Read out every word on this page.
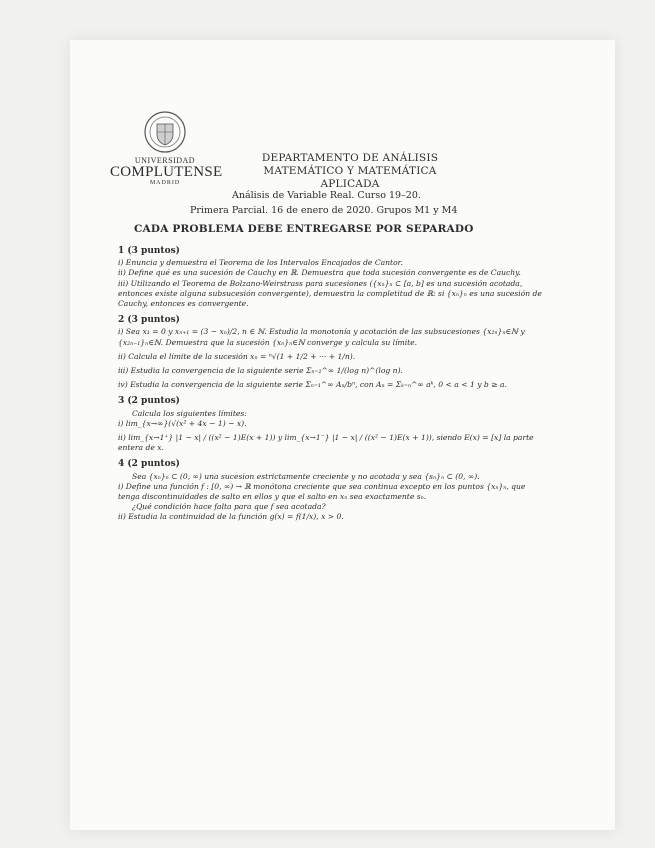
UNIVERSIDAD
COMPLUTENSE
MADRID
DEPARTAMENTO DE ANÁLISIS
MATEMÁTICO Y MATEMÁTICA
APLICADA
Análisis de Variable Real. Curso 19–20.
Primera Parcial. 16 de enero de 2020. Grupos M1 y M4
CADA PROBLEMA DEBE ENTREGARSE POR SEPARADO
1 (3 puntos)

i) Enuncia y demuestra el Teorema de los Intervalos Encajados de Cantor.

ii) Define qué es una sucesión de Cauchy en ℝ. Demuestra que toda sucesión convergente es de Cauchy.

iii) Utilizando el Teorema de Bolzano-Weirstrass para sucesiones ({xₙ}ₙ ⊂ [a, b] es una sucesión acotada, entonces existe alguna subsucesión convergente), demuestra la completitud de ℝ: si {xₙ}ₙ es una sucesión de Cauchy, entonces es convergente.

2 (3 puntos)

i) Sea x₁ = 0 y xₙ₊₁ = (3 − xₙ)/2, n ∈ ℕ. Estudia la monotonía y acotación de las subsucesiones {x₂ₙ}ₙ∈ℕ y {x₂ₙ₋₁}ₙ∈ℕ. Demuestra que la sucesión {xₙ}ₙ∈ℕ converge y calcula su límite.

ii) Calcula el límite de la sucesión xₙ = ⁿ√(1 + 1/2 + ··· + 1/n).

iii) Estudia la convergencia de la siguiente serie Σₙ₌₂^∞ 1/(log n)^(log n).

iv) Estudia la convergencia de la siguiente serie Σₙ₌₁^∞ Aₙ/bⁿ, con Aₙ = Σₖ₌ₙ^∞ aᵏ, 0 < a < 1 y b ≥ a.

3 (2 puntos)

Calcula los siguientes límites:

i) lim_{x→∞}(√(x² + 4x − 1) − x).

ii) lim_{x→1⁺} |1 − x| / ((x² − 1)E(x + 1)) y lim_{x→1⁻} |1 − x| / ((x² − 1)E(x + 1)), siendo E(x) = [x] la parte entera de x.

4 (2 puntos)

Sea {xₙ}ₙ ⊂ (0, ∞) una sucesion estrictamente creciente y no acotada y sea {sₙ}ₙ ⊂ (0, ∞).

i) Define una función f : [0, ∞) → ℝ monótona creciente que sea continua excepto en los puntos {xₙ}ₙ, que tenga discontinuidades de salto en ellos y que el salto en xₙ sea exactamente sₙ.

¿Qué condición hace falta para que f sea acotada?

ii) Estudia la continuidad de la función g(x) = f(1/x), x > 0.
